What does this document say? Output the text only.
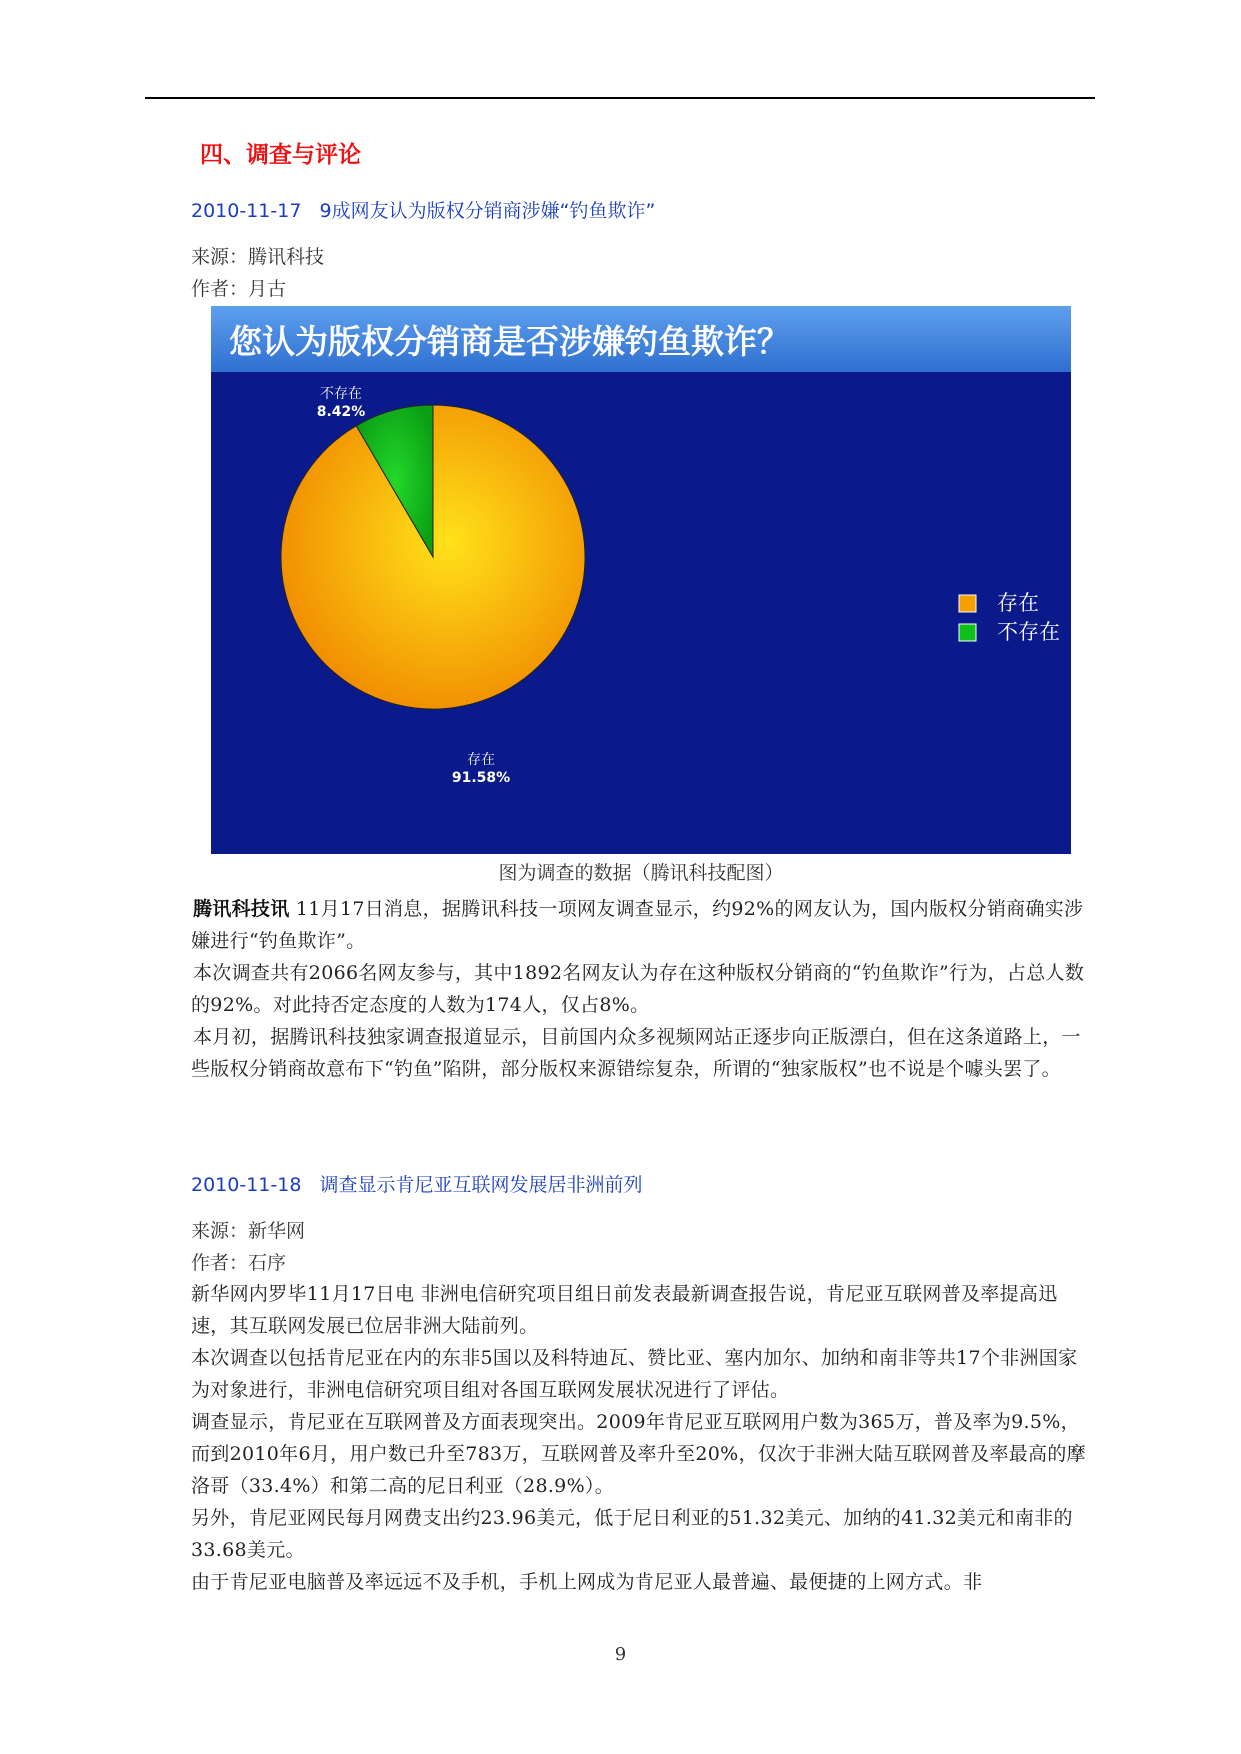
四、调查与评论
2010-11-17   9成网友认为版权分销商涉嫌“钓鱼欺诈”
来源：腾讯科技
作者：月古
您认为版权分销商是否涉嫌钓鱼欺诈？
存在
91.58%
不存在
8.42%
存在
不存在
图为调查的数据（腾讯科技配图）
腾讯科技讯 11月17日消息，据腾讯科技一项网友调查显示，约92%的网友认为，国内版权分销商确实涉嫌进行“钓鱼欺诈”。
本次调查共有2066名网友参与，其中1892名网友认为存在这种版权分销商的“钓鱼欺诈”行为，占总人数的92%。对此持否定态度的人数为174人，仅占8%。
本月初，据腾讯科技独家调查报道显示，目前国内众多视频网站正逐步向正版漂白，但在这条道路上，一些版权分销商故意布下“钓鱼”陷阱，部分版权来源错综复杂，所谓的“独家版权”也不说是个噱头罢了。
2010-11-18   调查显示肯尼亚互联网发展居非洲前列
来源：新华网
作者：石序
新华网内罗毕11月17日电 非洲电信研究项目组日前发表最新调查报告说，肯尼亚互联网普及率提高迅速，其互联网发展已位居非洲大陆前列。
本次调查以包括肯尼亚在内的东非5国以及科特迪瓦、赞比亚、塞内加尔、加纳和南非等共17个非洲国家为对象进行，非洲电信研究项目组对各国互联网发展状况进行了评估。
调查显示，肯尼亚在互联网普及方面表现突出。2009年肯尼亚互联网用户数为365万，普及率为9.5%，而到2010年6月，用户数已升至783万，互联网普及率升至20%，仅次于非洲大陆互联网普及率最高的摩洛哥（33.4%）和第二高的尼日利亚（28.9%）。
另外，肯尼亚网民每月网费支出约23.96美元，低于尼日利亚的51.32美元、加纳的41.32美元和南非的33.68美元。
由于肯尼亚电脑普及率远远不及手机，手机上网成为肯尼亚人最普遍、最便捷的上网方式。非
9
